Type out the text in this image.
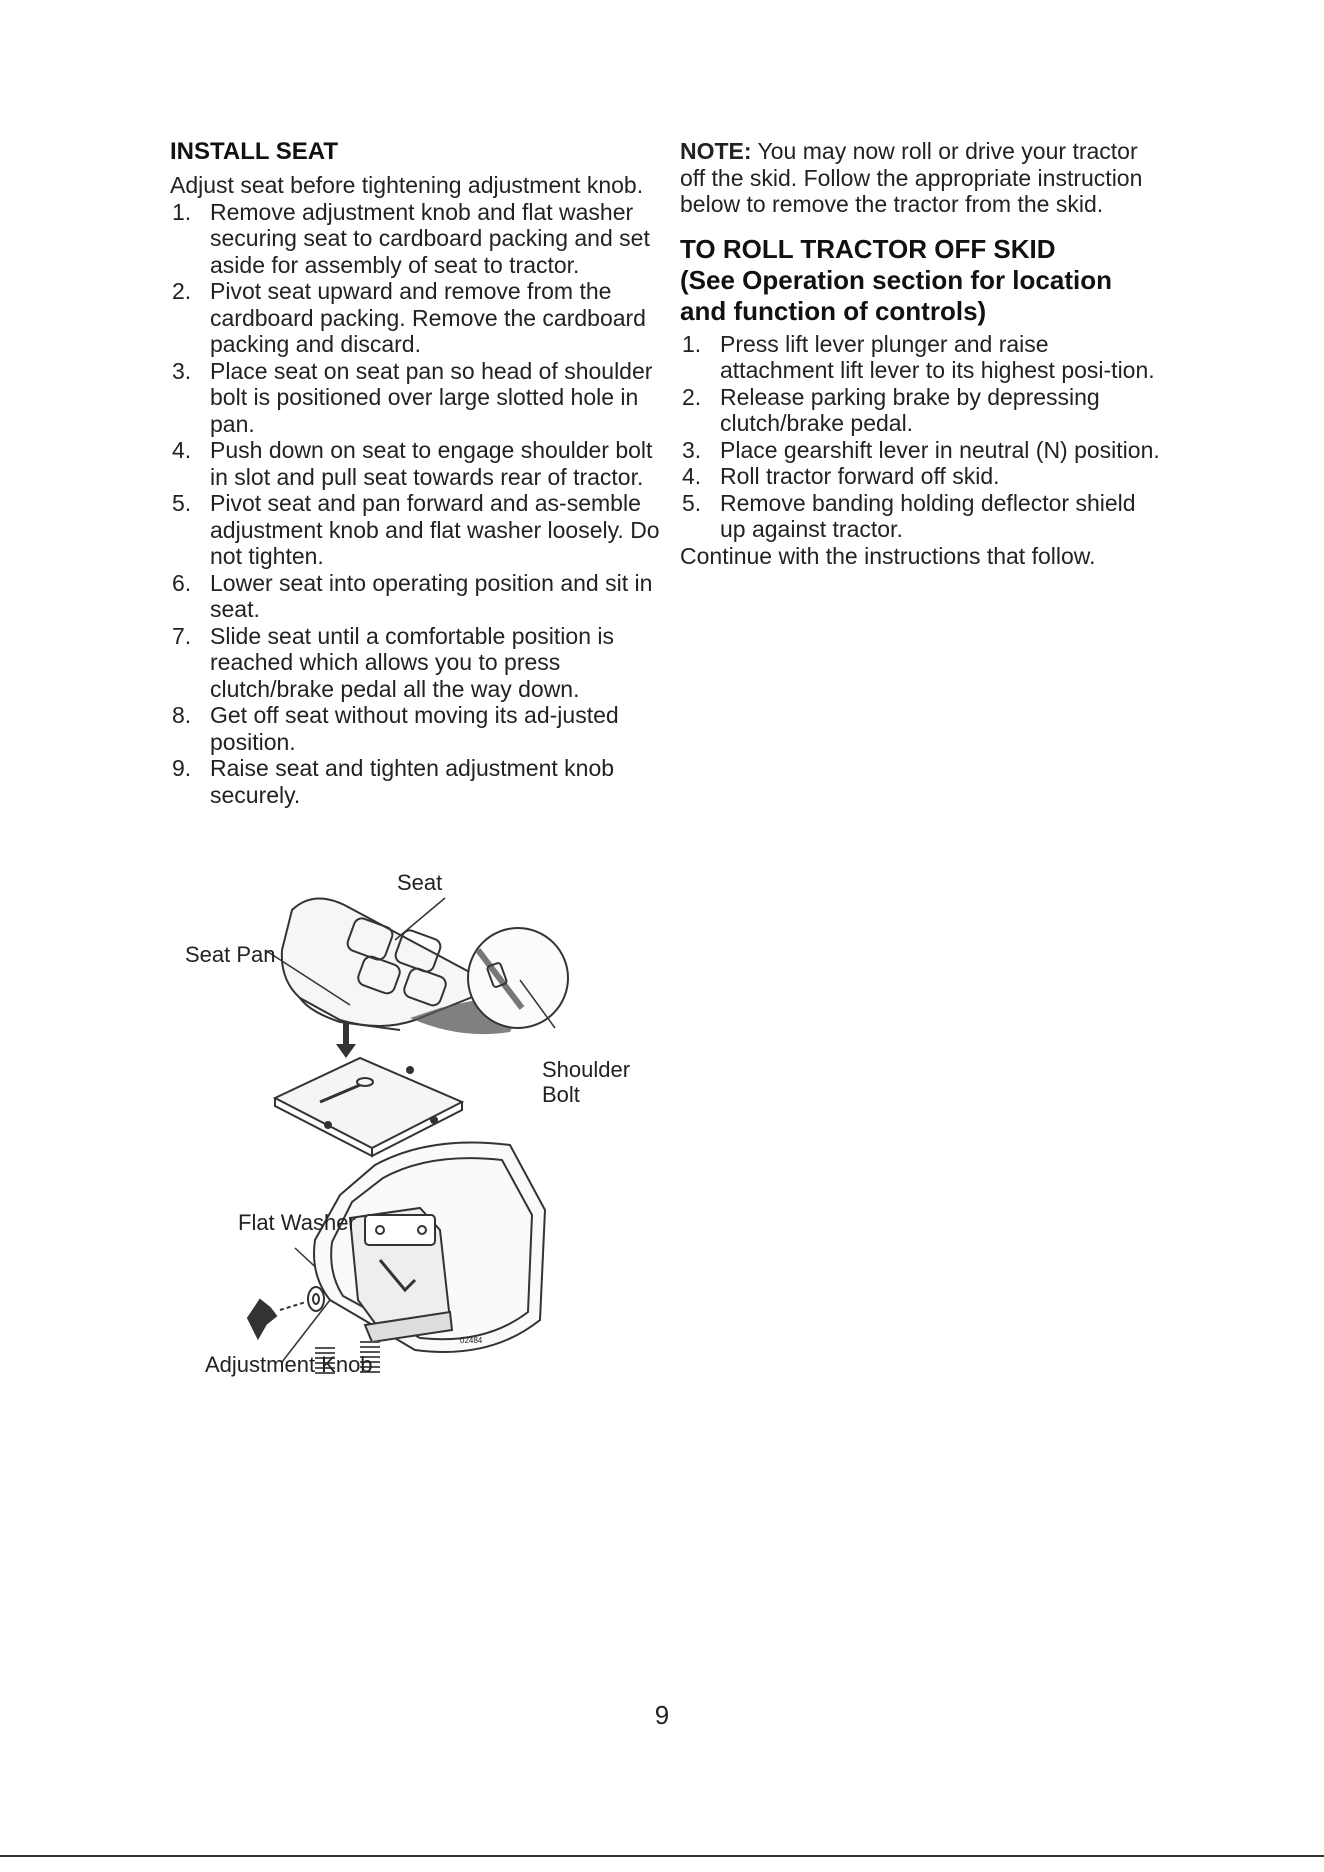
INSTALL SEAT

Adjust seat before tightening adjustment knob.

1. Remove adjustment knob and flat washer securing seat to cardboard packing and set aside for assembly of seat to tractor.
2. Pivot seat upward and remove from the cardboard packing. Remove the cardboard packing and discard.
3. Place seat on seat pan so head of shoulder bolt is positioned over large slotted hole in pan.
4. Push down on seat to engage shoulder bolt in slot and pull seat towards rear of tractor.
5. Pivot seat and pan forward and as-semble adjustment knob and flat washer loosely. Do not tighten.
6. Lower seat into operating position and sit in seat.
7. Slide seat until a comfortable position is reached which allows you to press clutch/brake pedal all the way down.
8. Get off seat without moving its ad-justed position.
9. Raise seat and tighten adjustment knob securely.
Seat
Seat Pan
Shoulder
Bolt
Flat Washer
Adjustment Knob
02484

NOTE: You may now roll or drive your tractor off the skid. Follow the appropriate instruction below to remove the tractor from the skid.

TO ROLL TRACTOR OFF SKID
(See Operation section for location and function of controls)
1. Press lift lever plunger and raise attachment lift lever to its highest posi-tion.
2. Release parking brake by depressing clutch/brake pedal.
3. Place gearshift lever in neutral (N) position.
4. Roll tractor forward off skid.
5. Remove banding holding deflector shield up against tractor.

Continue with the instructions that follow.

9
